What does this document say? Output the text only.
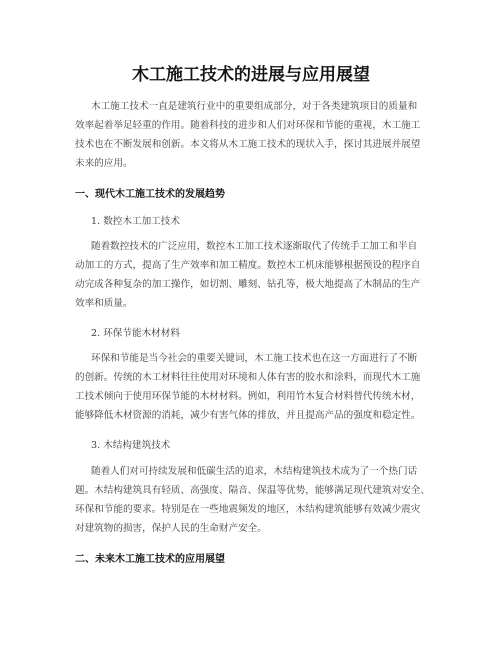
木工施工技术的进展与应用展望
木工施工技术一直是建筑行业中的重要组成部分，对于各类建筑项目的质量和
效率起着举足轻重的作用。随着科技的进步和人们对环保和节能的重视，木工施工
技术也在不断发展和创新。本文将从木工施工技术的现状入手，探讨其进展并展望
未来的应用。
一、现代木工施工技术的发展趋势
1. 数控木工加工技术
随着数控技术的广泛应用，数控木工加工技术逐渐取代了传统手工加工和半自
动加工的方式，提高了生产效率和加工精度。数控木工机床能够根据预设的程序自
动完成各种复杂的加工操作，如切割、雕刻、钻孔等，极大地提高了木制品的生产
效率和质量。
2. 环保节能木材材料
环保和节能是当今社会的重要关键词，木工施工技术也在这一方面进行了不断
的创新。传统的木工材料往往使用对环境和人体有害的胶水和涂料，而现代木工施
工技术倾向于使用环保节能的木材材料。例如，利用竹木复合材料替代传统木材，
能够降低木材资源的消耗，减少有害气体的排放，并且提高产品的强度和稳定性。
3. 木结构建筑技术
随着人们对可持续发展和低碳生活的追求，木结构建筑技术成为了一个热门话
题。木结构建筑具有轻质、高强度、隔音、保温等优势，能够满足现代建筑对安全、
环保和节能的要求。特别是在一些地震频发的地区，木结构建筑能够有效减少震灾
对建筑物的损害，保护人民的生命财产安全。
二、未来木工施工技术的应用展望
